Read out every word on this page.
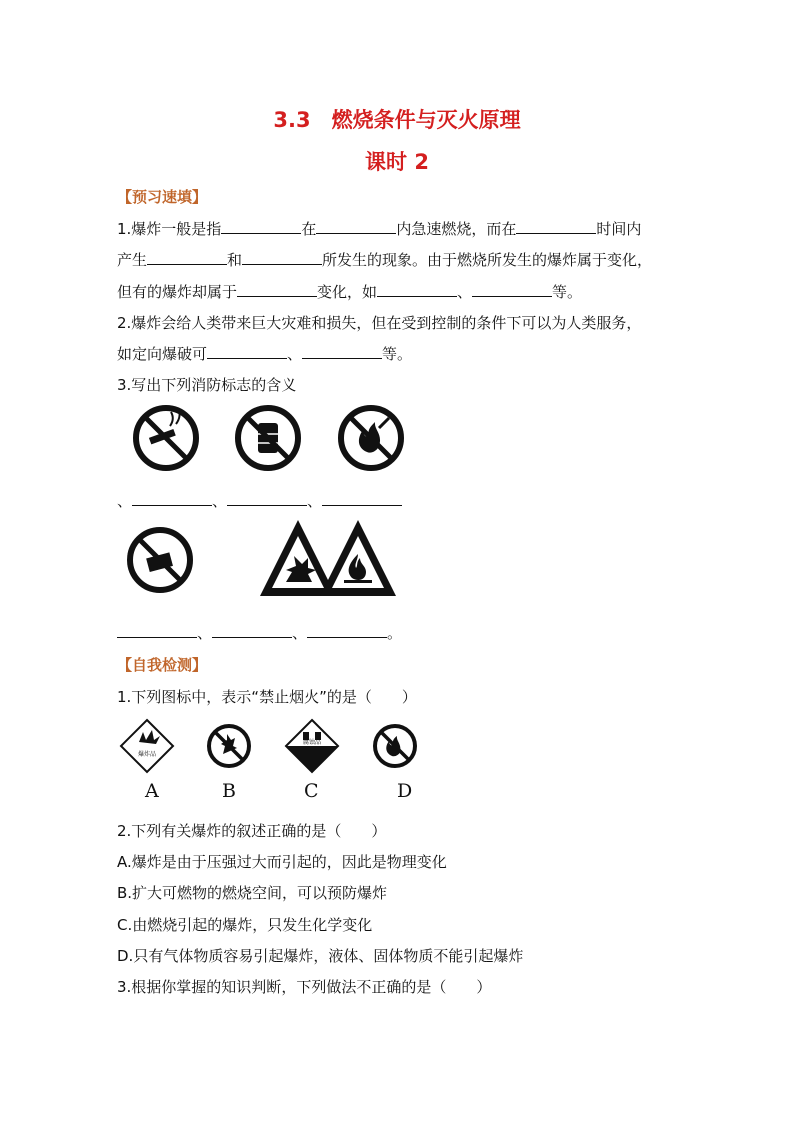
3.3　燃烧条件与灭火原理
课时 2
【预习速填】
1.爆炸一般是指	在	内急速燃烧，而在	时间内
产生	和	所发生的现象。由于燃烧所发生的爆炸属于变化，
但有的爆炸却属于	变化，如	、	等。
2.爆炸会给人类带来巨大灾难和损失，但在受到控制的条件下可以为人类服务，
如定向爆破可	、	等。
3.写出下列消防标志的含义
、	、	、
、	、	。
【自我检测】
1.下列图标中，表示“禁止烟火”的是（　　）
爆炸品
腐蚀品
A	B	C	D
2.下列有关爆炸的叙述正确的是（　　）
A.爆炸是由于压强过大而引起的，因此是物理变化
B.扩大可燃物的燃烧空间，可以预防爆炸
C.由燃烧引起的爆炸，只发生化学变化
D.只有气体物质容易引起爆炸，液体、固体物质不能引起爆炸
3.根据你掌握的知识判断，下列做法不正确的是（　　）
